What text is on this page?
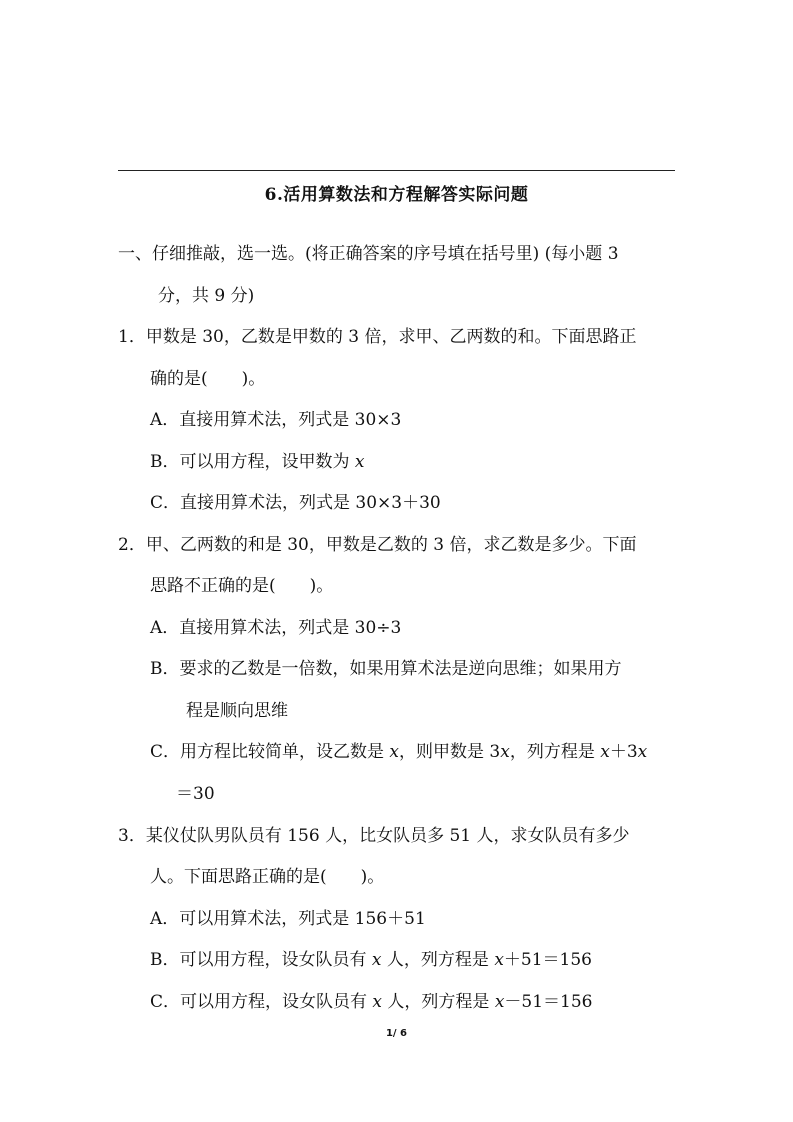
6.活用算数法和方程解答实际问题
一、仔细推敲，选一选。(将正确答案的序号填在括号里) (每小题 3
分，共 9 分)
1．甲数是 30，乙数是甲数的 3 倍，求甲、乙两数的和。下面思路正
确的是(　　)。
A．直接用算术法，列式是 30×3
B．可以用方程，设甲数为 x
C．直接用算术法，列式是 30×3＋30
2．甲、乙两数的和是 30，甲数是乙数的 3 倍，求乙数是多少。下面
思路不正确的是(　　)。
A．直接用算术法，列式是 30÷3
B．要求的乙数是一倍数，如果用算术法是逆向思维；如果用方
程是顺向思维
C．用方程比较简单，设乙数是 x，则甲数是 3x，列方程是 x＋3x
＝30
3．某仪仗队男队员有 156 人，比女队员多 51 人，求女队员有多少
人。下面思路正确的是(　　)。
A．可以用算术法，列式是 156＋51
B．可以用方程，设女队员有 x 人，列方程是 x＋51＝156
C．可以用方程，设女队员有 x 人，列方程是 x－51＝156
1/ 6
